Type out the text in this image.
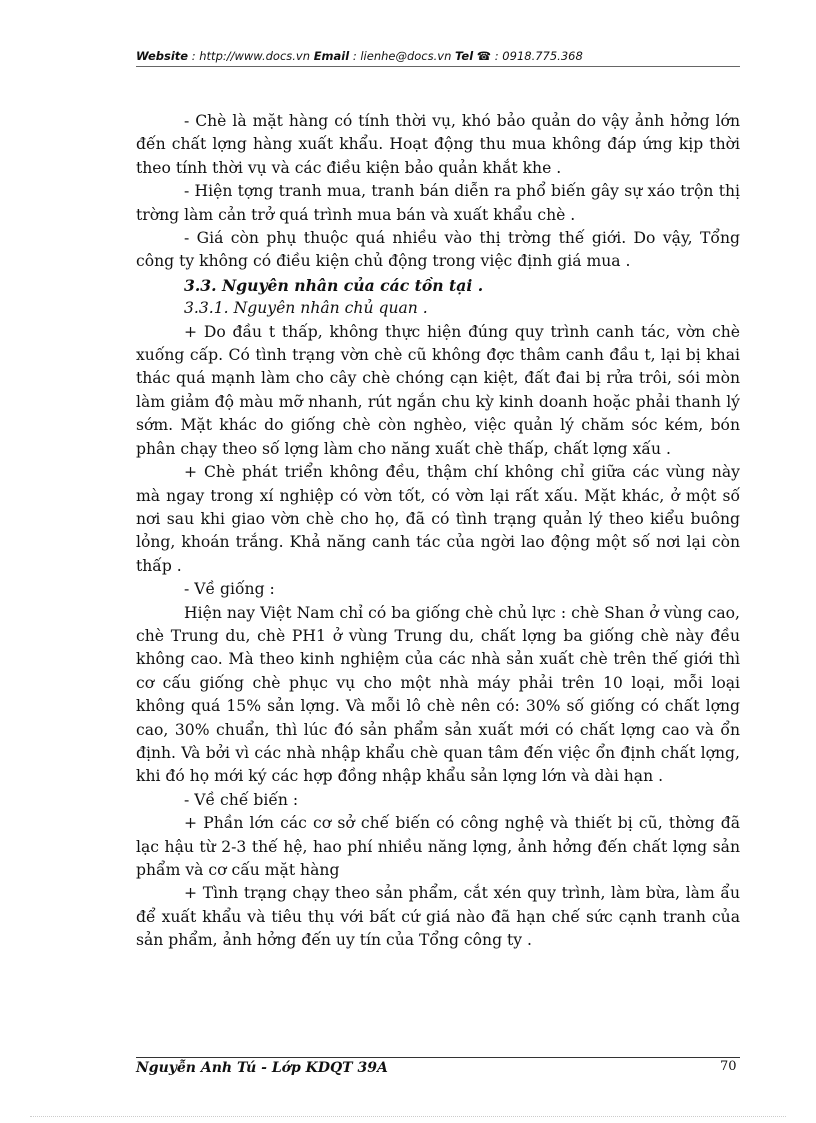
Website : http://www.docs.vn Email : lienhe@docs.vn Tel ☎ : 0918.775.368

- Chè là mặt hàng có tính thời vụ, khó bảo quản do vậy ảnh hởng lớn đến chất lợng hàng xuất khẩu. Hoạt động thu mua không đáp ứng kịp thời theo tính thời vụ và các điều kiện bảo quản khắt khe .

- Hiện tợng tranh mua, tranh bán diễn ra phổ biến gây sự xáo trộn thị trờng làm cản trở quá trình mua bán và xuất khẩu chè .

- Giá còn phụ thuộc quá nhiều vào thị trờng thế giới. Do vậy, Tổng công ty không có điều kiện chủ động trong việc định giá mua .

3.3. Nguyên nhân của các tồn tại .

3.3.1. Nguyên nhân chủ quan .

+ Do đầu t thấp, không thực hiện đúng quy trình canh tác, vờn chè xuống cấp. Có tình trạng vờn chè cũ không đợc thâm canh đầu t, lại bị khai thác quá mạnh làm cho cây chè chóng cạn kiệt, đất đai bị rửa trôi, sói mòn làm giảm độ màu mỡ nhanh, rút ngắn chu kỳ kinh doanh hoặc phải thanh lý sớm. Mặt khác do giống chè còn nghèo, việc quản lý chăm sóc kém, bón phân chạy theo số lợng làm cho năng xuất chè thấp, chất lợng xấu .

+ Chè phát triển không đều, thậm chí không chỉ giữa các vùng này mà ngay trong xí nghiệp có vờn tốt, có vờn lại rất xấu. Mặt khác, ở một số nơi sau khi giao vờn chè cho họ, đã có tình trạng quản lý theo kiểu buông lỏng, khoán trắng. Khả năng canh tác của ngời lao động một số nơi lại còn thấp .

- Về giống :

Hiện nay Việt Nam chỉ có ba giống chè chủ lực : chè Shan ở vùng cao, chè Trung du, chè PH1 ở vùng Trung du, chất lợng ba giống chè này đều không cao. Mà theo kinh nghiệm của các nhà sản xuất chè trên thế giới thì cơ cấu giống chè phục vụ cho một nhà máy phải trên 10 loại, mỗi loại không quá 15% sản lợng. Và mỗi lô chè nên có: 30% số giống có chất lợng cao, 30% chuẩn, thì lúc đó sản phẩm sản xuất mới có chất lợng cao và ổn định. Và bởi vì các nhà nhập khẩu chè quan tâm đến việc ổn định chất lợng, khi đó họ mới ký các hợp đồng nhập khẩu sản lợng lớn và dài hạn .

- Về chế biến :

+ Phần lớn các cơ sở chế biến có công nghệ và thiết bị cũ, thờng đã lạc hậu từ 2-3 thế hệ, hao phí nhiều năng lợng, ảnh hởng đến chất lợng sản phẩm và cơ cấu mặt hàng

+ Tình trạng chạy theo sản phẩm, cắt xén quy trình, làm bừa, làm ẩu để xuất khẩu và tiêu thụ với bất cứ giá nào đã hạn chế sức cạnh tranh của sản phẩm, ảnh hởng đến uy tín của Tổng công ty .

Nguyễn Anh Tú - Lớp KDQT 39A	70
